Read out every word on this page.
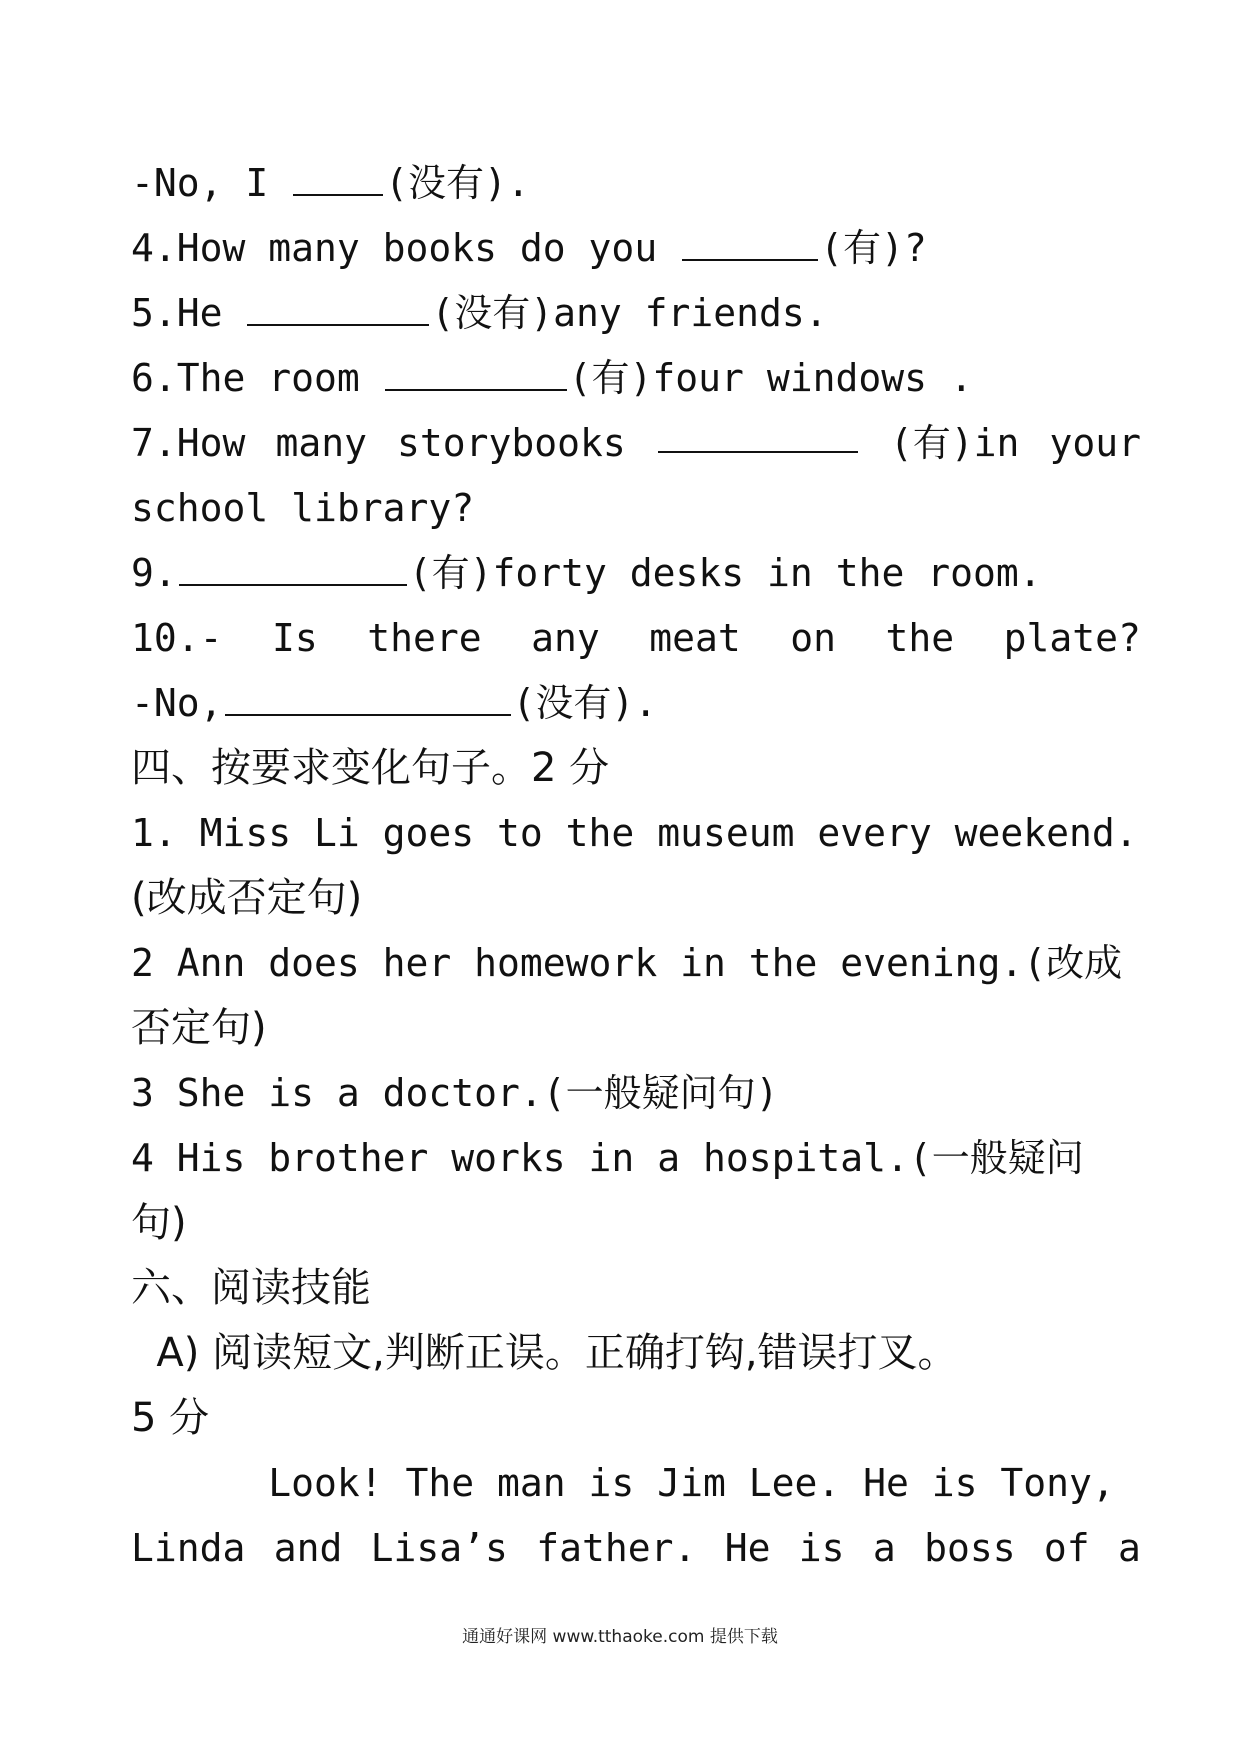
-No, I (没有).
4.How many books do you	(有)?
5.He	(没有)any friends.
6.The room	(有)four windows .
7.How many storybooks	(有)in your
school library?
9.	(有)forty desks in the room.
10.- Is there any meat on the plate?
-No,	(没有).
四、按要求变化句子。2 分
1. Miss Li goes to the museum every weekend.
(改成否定句)
2 Ann does her homework in the evening.(改成
否定句)
3 She is a doctor.(一般疑问句)
4 His brother works in a hospital.(一般疑问
句)
六、阅读技能
A) 阅读短文,判断正误。正确打钩,错误打叉。
5 分
Look! The man is Jim Lee. He is Tony,
Linda and Lisa’s father. He is a boss of a
通通好课网 www.tthaoke.com 提供下载
